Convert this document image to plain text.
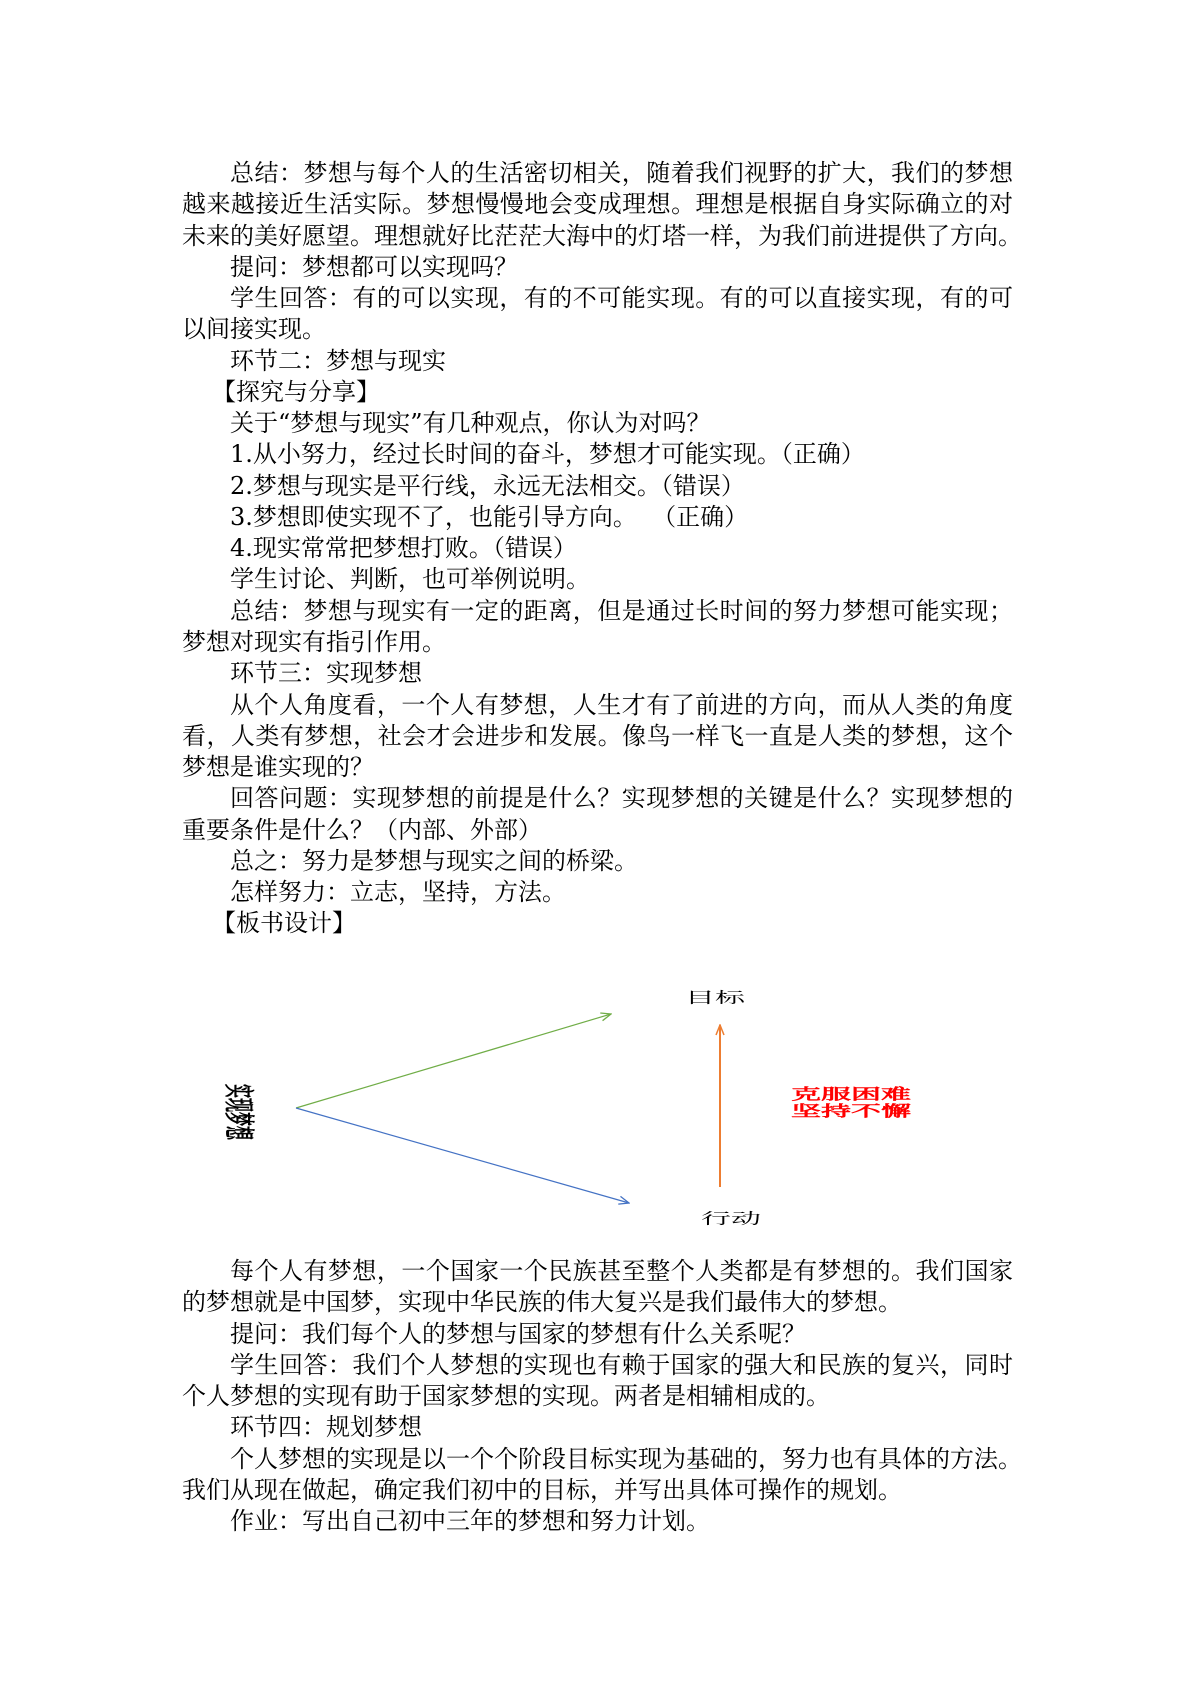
总结：梦想与每个人的生活密切相关，随着我们视野的扩大，我们的梦想
越来越接近生活实际。梦想慢慢地会变成理想。理想是根据自身实际确立的对
未来的美好愿望。理想就好比茫茫大海中的灯塔一样，为我们前进提供了方向。
提问：梦想都可以实现吗？
学生回答：有的可以实现，有的不可能实现。有的可以直接实现，有的可
以间接实现。
环节二：梦想与现实
【探究与分享】
关于“梦想与现实”有几种观点，你认为对吗？
1.从小努力，经过长时间的奋斗，梦想才可能实现。（正确）
2.梦想与现实是平行线，永远无法相交。（错误）
3.梦想即使实现不了，也能引导方向。  （正确）
4.现实常常把梦想打败。（错误）
学生讨论、判断，也可举例说明。
总结：梦想与现实有一定的距离，但是通过长时间的努力梦想可能实现；
梦想对现实有指引作用。
环节三：实现梦想
从个人角度看，一个人有梦想，人生才有了前进的方向，而从人类的角度
看，人类有梦想，社会才会进步和发展。像鸟一样飞一直是人类的梦想，这个
梦想是谁实现的？
回答问题：实现梦想的前提是什么？实现梦想的关键是什么？实现梦想的
重要条件是什么？（内部、外部）
总之：努力是梦想与现实之间的桥梁。
怎样努力：立志，坚持，方法。
【板书设计】
实现梦想
目标
行动
克服困难
坚持不懈
每个人有梦想，一个国家一个民族甚至整个人类都是有梦想的。我们国家
的梦想就是中国梦，实现中华民族的伟大复兴是我们最伟大的梦想。
提问：我们每个人的梦想与国家的梦想有什么关系呢？
学生回答：我们个人梦想的实现也有赖于国家的强大和民族的复兴，同时
个人梦想的实现有助于国家梦想的实现。两者是相辅相成的。
环节四：规划梦想
个人梦想的实现是以一个个阶段目标实现为基础的，努力也有具体的方法。
我们从现在做起，确定我们初中的目标，并写出具体可操作的规划。
作业：写出自己初中三年的梦想和努力计划。
